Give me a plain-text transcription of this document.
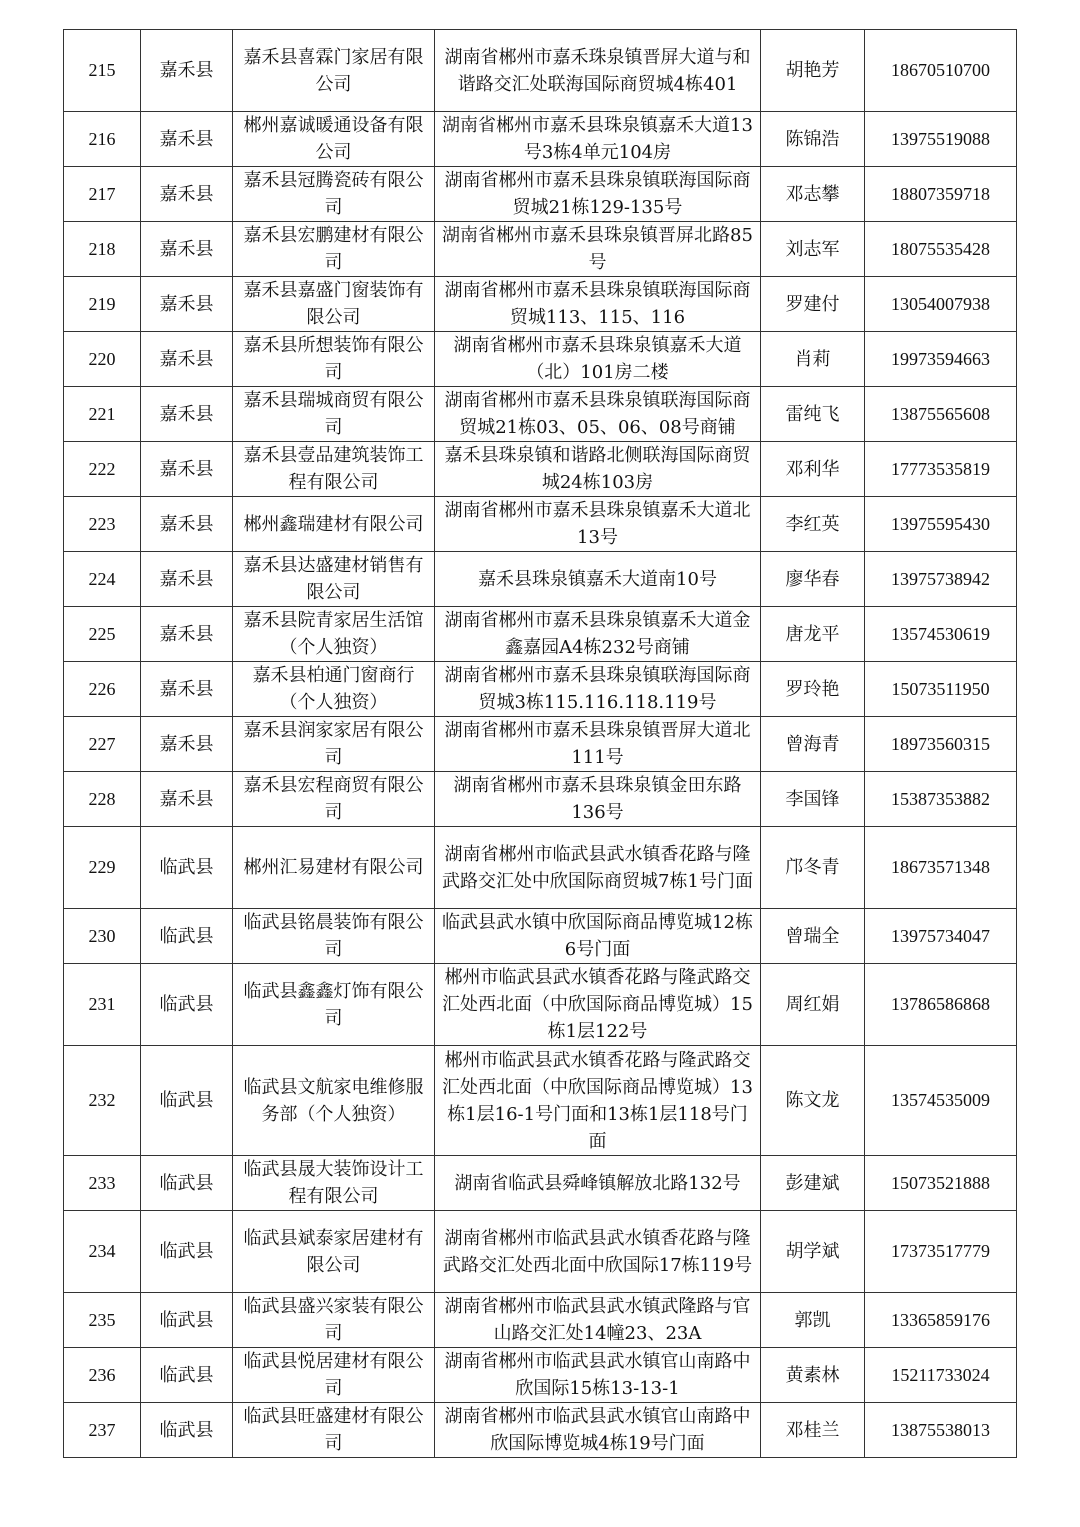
215	嘉禾县	嘉禾县喜霖门家居有限公司	湖南省郴州市嘉禾珠泉镇晋屏大道与和谐路交汇处联海国际商贸城4栋401	胡艳芳	18670510700
216	嘉禾县	郴州嘉诚暖通设备有限公司	湖南省郴州市嘉禾县珠泉镇嘉禾大道13号3栋4单元104房	陈锦浩	13975519088
217	嘉禾县	嘉禾县冠腾瓷砖有限公司	湖南省郴州市嘉禾县珠泉镇联海国际商贸城21栋129-135号	邓志攀	18807359718
218	嘉禾县	嘉禾县宏鹏建材有限公司	湖南省郴州市嘉禾县珠泉镇晋屏北路85号	刘志军	18075535428
219	嘉禾县	嘉禾县嘉盛门窗装饰有限公司	湖南省郴州市嘉禾县珠泉镇联海国际商贸城113、115、116	罗建付	13054007938
220	嘉禾县	嘉禾县所想装饰有限公司	湖南省郴州市嘉禾县珠泉镇嘉禾大道（北）101房二楼	肖莉	19973594663
221	嘉禾县	嘉禾县瑞城商贸有限公司	湖南省郴州市嘉禾县珠泉镇联海国际商贸城21栋03、05、06、08号商铺	雷纯飞	13875565608
222	嘉禾县	嘉禾县壹品建筑装饰工程有限公司	嘉禾县珠泉镇和谐路北侧联海国际商贸城24栋103房	邓利华	17773535819
223	嘉禾县	郴州鑫瑞建材有限公司	湖南省郴州市嘉禾县珠泉镇嘉禾大道北13号	李红英	13975595430
224	嘉禾县	嘉禾县达盛建材销售有限公司	嘉禾县珠泉镇嘉禾大道南10号	廖华春	13975738942
225	嘉禾县	嘉禾县院青家居生活馆（个人独资）	湖南省郴州市嘉禾县珠泉镇嘉禾大道金鑫嘉园A4栋232号商铺	唐龙平	13574530619
226	嘉禾县	嘉禾县柏通门窗商行（个人独资）	湖南省郴州市嘉禾县珠泉镇联海国际商贸城3栋115.116.118.119号	罗玲艳	15073511950
227	嘉禾县	嘉禾县润家家居有限公司	湖南省郴州市嘉禾县珠泉镇晋屏大道北111号	曾海青	18973560315
228	嘉禾县	嘉禾县宏程商贸有限公司	湖南省郴州市嘉禾县珠泉镇金田东路136号	李国锋	15387353882
229	临武县	郴州汇易建材有限公司	湖南省郴州市临武县武水镇香花路与隆武路交汇处中欣国际商贸城7栋1号门面	邝冬青	18673571348
230	临武县	临武县铭晨装饰有限公司	临武县武水镇中欣国际商品博览城12栋6号门面	曾瑞全	13975734047
231	临武县	临武县鑫鑫灯饰有限公司	郴州市临武县武水镇香花路与隆武路交汇处西北面（中欣国际商品博览城）15栋1层122号	周红娟	13786586868
232	临武县	临武县文航家电维修服务部（个人独资）	郴州市临武县武水镇香花路与隆武路交汇处西北面（中欣国际商品博览城）13栋1层16-1号门面和13栋1层118号门面	陈文龙	13574535009
233	临武县	临武县晟大装饰设计工程有限公司	湖南省临武县舜峰镇解放北路132号	彭建斌	15073521888
234	临武县	临武县斌泰家居建材有限公司	湖南省郴州市临武县武水镇香花路与隆武路交汇处西北面中欣国际17栋119号	胡学斌	17373517779
235	临武县	临武县盛兴家装有限公司	湖南省郴州市临武县武水镇武隆路与官山路交汇处14幢23、23A	郭凯	13365859176
236	临武县	临武县悦居建材有限公司	湖南省郴州市临武县武水镇官山南路中欣国际15栋13-13-1	黄素林	15211733024
237	临武县	临武县旺盛建材有限公司	湖南省郴州市临武县武水镇官山南路中欣国际博览城4栋19号门面	邓桂兰	13875538013
